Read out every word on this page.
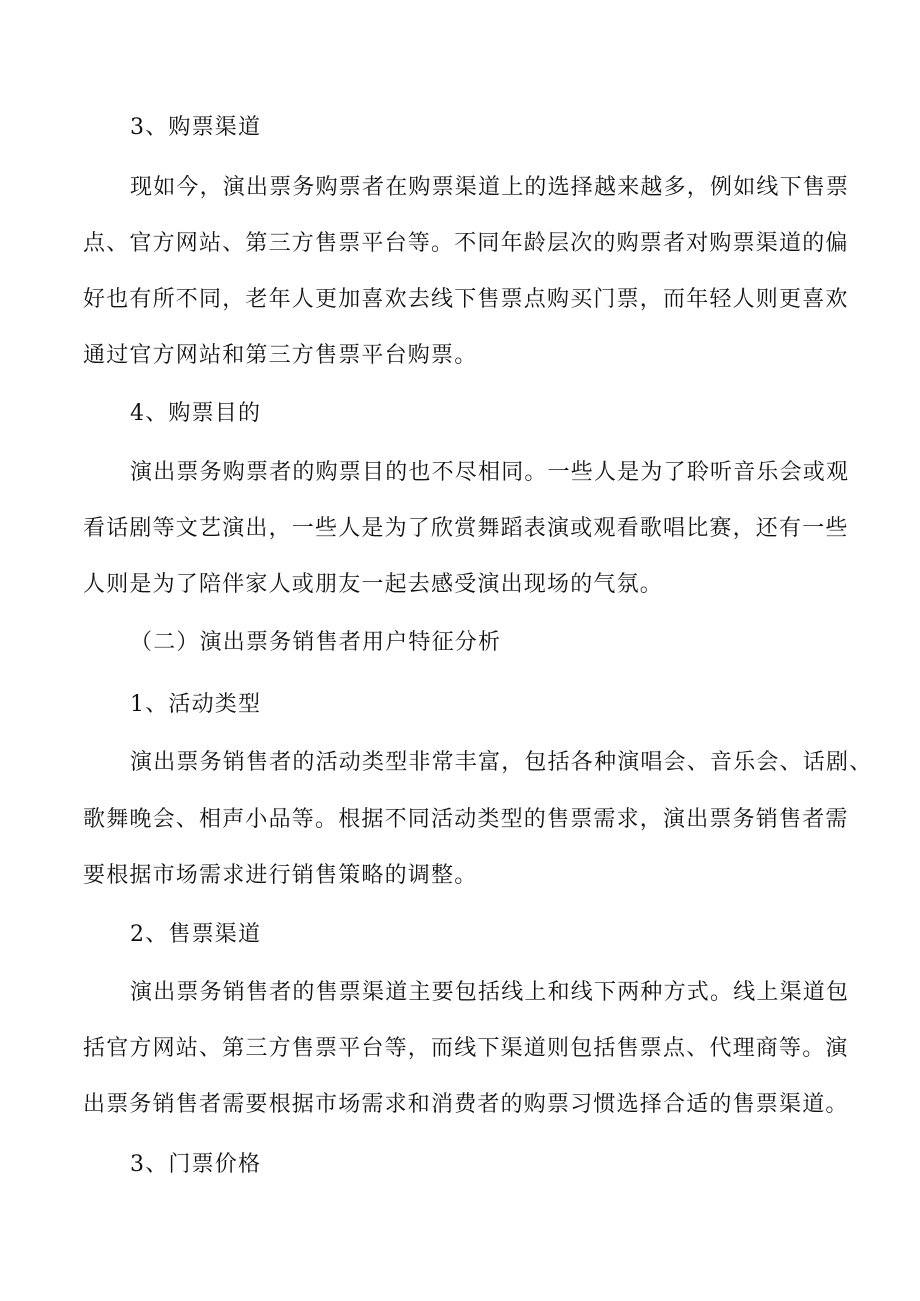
3、购票渠道
现如今，演出票务购票者在购票渠道上的选择越来越多，例如线下售票
点、官方网站、第三方售票平台等。不同年龄层次的购票者对购票渠道的偏
好也有所不同，老年人更加喜欢去线下售票点购买门票，而年轻人则更喜欢
通过官方网站和第三方售票平台购票。
4、购票目的
演出票务购票者的购票目的也不尽相同。一些人是为了聆听音乐会或观
看话剧等文艺演出，一些人是为了欣赏舞蹈表演或观看歌唱比赛，还有一些
人则是为了陪伴家人或朋友一起去感受演出现场的气氛。
（二）演出票务销售者用户特征分析
1、活动类型
演出票务销售者的活动类型非常丰富，包括各种演唱会、音乐会、话剧、
歌舞晚会、相声小品等。根据不同活动类型的售票需求，演出票务销售者需
要根据市场需求进行销售策略的调整。
2、售票渠道
演出票务销售者的售票渠道主要包括线上和线下两种方式。线上渠道包
括官方网站、第三方售票平台等，而线下渠道则包括售票点、代理商等。演
出票务销售者需要根据市场需求和消费者的购票习惯选择合适的售票渠道。
3、门票价格
